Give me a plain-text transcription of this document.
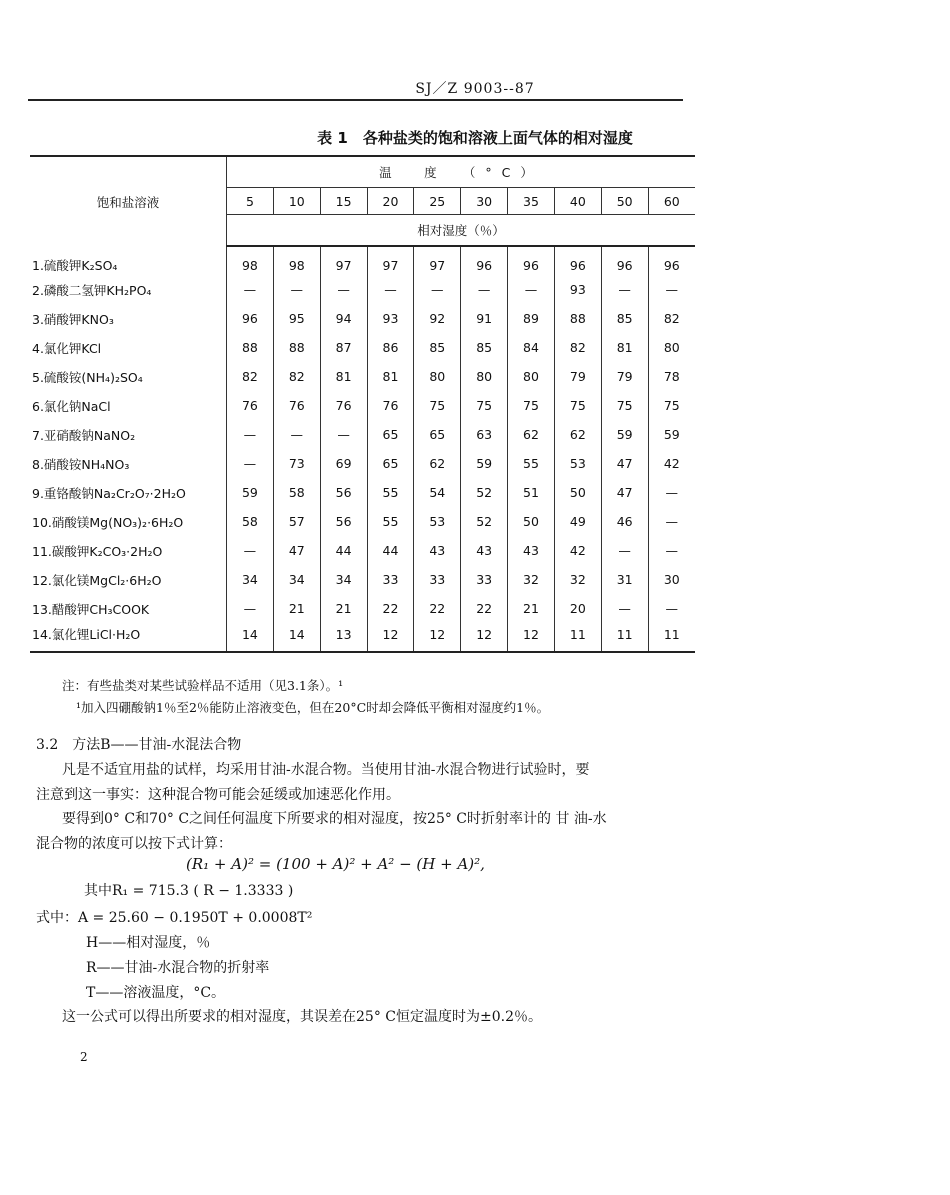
SJ／Z 9003--87
表 1　各种盐类的饱和溶液上面气体的相对湿度
饱和盐溶液	温　度　（°C）									
	5	10	15	20	25	30	35	40	50	60
	相对湿度（％）									
1.硫酸钾K₂SO₄	98	98	97	97	97	96	96	96	96	96
2.磷酸二氢钾KH₂PO₄	—	—	—	—	—	—	—	93	—	—
3.硝酸钾KNO₃	96	95	94	93	92	91	89	88	85	82
4.氯化钾KCl	88	88	87	86	85	85	84	82	81	80
5.硫酸铵(NH₄)₂SO₄	82	82	81	81	80	80	80	79	79	78
6.氯化钠NaCl	76	76	76	76	75	75	75	75	75	75
7.亚硝酸钠NaNO₂	—	—	—	65	65	63	62	62	59	59
8.硝酸铵NH₄NO₃	—	73	69	65	62	59	55	53	47	42
9.重铬酸钠Na₂Cr₂O₇·2H₂O	59	58	56	55	54	52	51	50	47	—
10.硝酸镁Mg(NO₃)₂·6H₂O	58	57	56	55	53	52	50	49	46	—
11.碳酸钾K₂CO₃·2H₂O	—	47	44	44	43	43	43	42	—	—
12.氯化镁MgCl₂·6H₂O	34	34	34	33	33	33	32	32	31	30
13.醋酸钾CH₃COOK	—	21	21	22	22	22	21	20	—	—
14.氯化锂LiCl·H₂O	14	14	13	12	12	12	12	11	11	11
注：有些盐类对某些试验样品不适用（见3.1条）。¹
¹加入四硼酸钠1％至2％能防止溶液变色，但在20°C时却会降低平衡相对湿度约1％。
3.2　方法B——甘油-水混法合物
凡是不适宜用盐的试样，均采用甘油-水混合物。当使用甘油-水混合物进行试验时，要
注意到这一事实：这种混合物可能会延缓或加速恶化作用。
要得到0° C和70° C之间任何温度下所要求的相对湿度，按25° C时折射率计的 甘 油-水
混合物的浓度可以按下式计算：
(R₁ + A)² = (100 + A)² + A² − (H + A)²,
其中R₁ = 715.3 ( R − 1.3333 )
式中：A = 25.60 − 0.1950T + 0.0008T²
H——相对湿度，％
R——甘油-水混合物的折射率
T——溶液温度，°C。
这一公式可以得出所要求的相对湿度，其误差在25° C恒定温度时为±0.2％。
2
